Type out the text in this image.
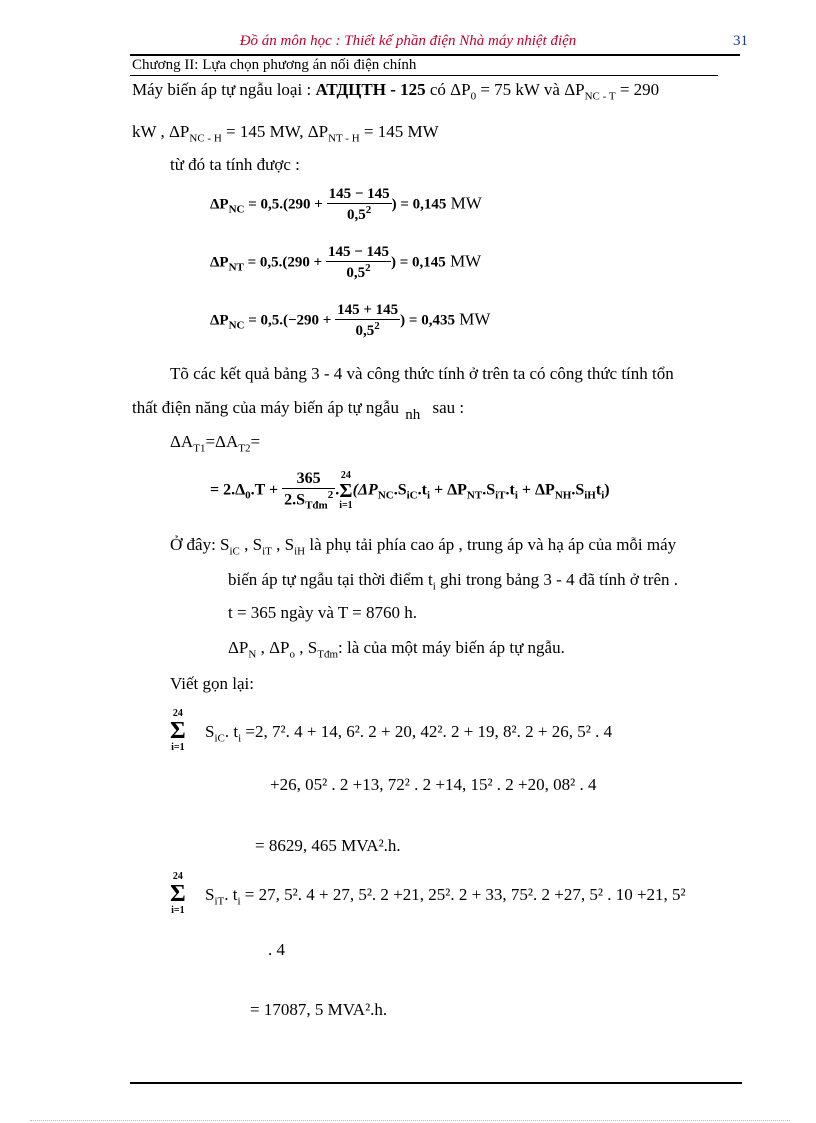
Đồ án môn học : Thiết kế phần điện Nhà máy nhiệt điện	31
Chương II: Lựa chọn phương án nối điện chính
Máy biến áp tự ngẫu loại : АТДЦТН - 125 có $\Delta P_0 = 75$ kW và $\Delta P_{NC - T} = 290$
kW , $\Delta P_{NC - H} = 145$ MW, $\Delta P_{NT - H} = 145$ MW
từ đó ta tính được :
$\Delta P_{NC} = 0,5.(290 + \frac{145 - 145}{0,5^2}$ ) = 0,145 MW
$\Delta P_{NT} = 0,5.(290 + \frac{145 - 145}{0,5^2}$ ) = 0,145 MW
$\Delta P_{NC} = 0,5.(-290 + \frac{145 + 145}{0,5^2}$ ) = 0,435 MW
Tõ các kết quả bảng 3 - 4 và công thức tính ở trên ta có công thức tính tổn
thất điện năng của máy biến áp tự ngẫu nh sau :
$\Delta A_{T1}=\Delta A_{T2}=$
= $2.\Delta_0.T + \frac{365}{2.S_{Tđm}^2}$ .
24
Σ
i=1
$(\Delta P_{NC}.S_{iC}.t_i + \Delta P_{NT}.S_{iT}.t_i + \Delta P_{NH}.S_{iH}t_i)$
Ở đây: $S_{iC}$ , $S_{iT}$ , $S_{iH}$ là phụ tải phía cao áp , trung áp và hạ áp của mỗi máy
biến áp tự ngẫu tại thời điểm $t_i$ ghi trong bảng 3 - 4 đã tính ở trên .
t = 365 ngày và T = 8760 h.
$\Delta P_N$ , $\Delta P_o$ , $S_{Tđm}$: là của một máy biến áp tự ngẫu.
Viết gọn lại:
24
Σ
i=1
$S_{iC}$. $t_i =2$, 7². 4 + 14, 6². 2 + 20, 42². 2 + 19, 8². 2 + 26, 5² . 4
+26, 05² . 2 +13, 72² . 2 +14, 15² . 2 +20, 08² . 4
= 8629, 465 MVA².h.
24
Σ
i=1
$S_{iT}$. $t_i = 27$, 5². 4 + 27, 5². 2 +21, 25². 2 + 33, 75². 2 +27, 5² . 10 +21, 5²
. 4
= 17087, 5 MVA².h.
